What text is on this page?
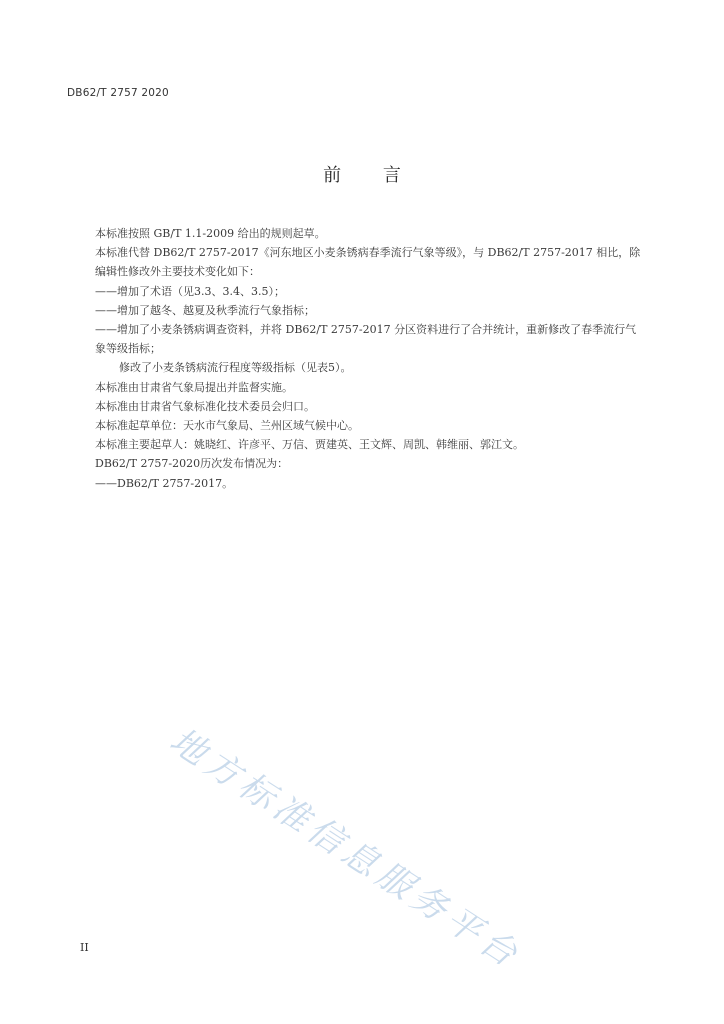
DB62/T 2757 2020
前 言

本标准按照 GB/T 1.1-2009 给出的规则起草。

本标准代替 DB62/T 2757-2017《河东地区小麦条锈病春季流行气象等级》，与 DB62/T 2757-2017 相比，除编辑性修改外主要技术变化如下：

——增加了术语（见3.3、3.4、3.5）；

——增加了越冬、越夏及秋季流行气象指标；

——增加了小麦条锈病调查资料，并将 DB62/T 2757-2017 分区资料进行了合并统计，重新修改了春季流行气象等级指标；

修改了小麦条锈病流行程度等级指标（见表5）。

本标准由甘肃省气象局提出并监督实施。

本标准由甘肃省气象标准化技术委员会归口。

本标准起草单位：天水市气象局、兰州区域气候中心。

本标准主要起草人：姚晓红、许彦平、万信、贾建英、王文辉、周凯、韩维丽、郭江文。

DB62/T 2757-2020历次发布情况为：

——DB62/T 2757-2017。

地方标准信息服务平台
II
